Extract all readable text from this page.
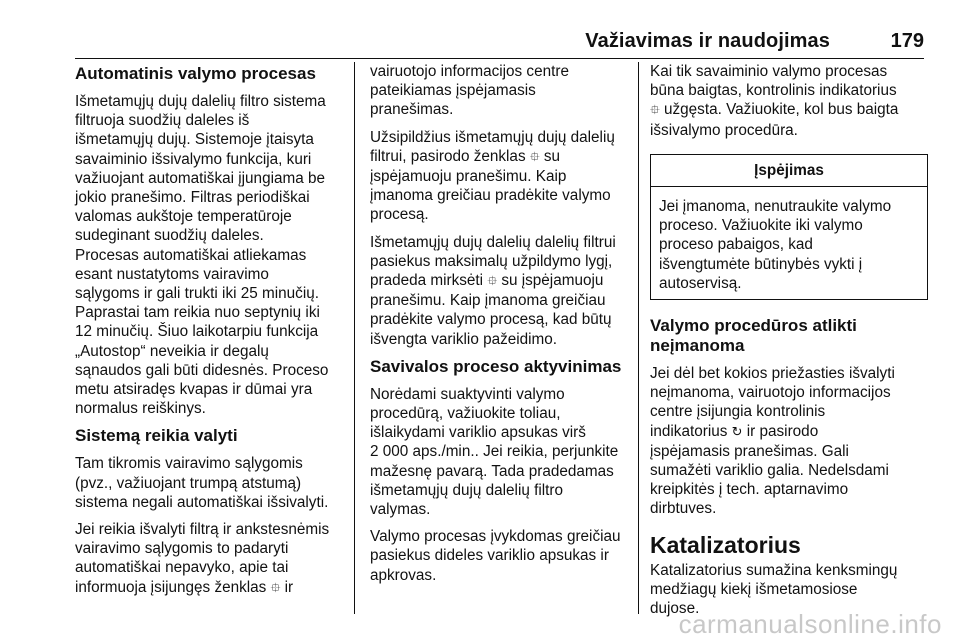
Važiavimas ir naudojimas	179
Automatinis valymo procesas

Išmetamųjų dujų dalelių filtro sistema
filtruoja suodžių daleles iš
išmetamųjų dujų. Sistemoje įtaisyta
savaiminio išsivalymo funkcija, kuri
važiuojant automatiškai įjungiama be
jokio pranešimo. Filtras periodiškai
valomas aukštoje temperatūroje
sudeginant suodžių daleles.
Procesas automatiškai atliekamas
esant nustatytoms vairavimo
sąlygoms ir gali trukti iki 25 minučių.
Paprastai tam reikia nuo septynių iki
12 minučių. Šiuo laikotarpiu funkcija
„Autostop“ neveikia ir degalų
sąnaudos gali būti didesnės. Proceso
metu atsiradęs kvapas ir dūmai yra
normalus reiškinys.

Sistemą reikia valyti

Tam tikromis vairavimo sąlygomis
(pvz., važiuojant trumpą atstumą)
sistema negali automatiškai išsivalyti.

Jei reikia išvalyti filtrą ir ankstesnėmis
vairavimo sąlygomis to padaryti
automatiškai nepavyko, apie tai
informuoja įsijungęs ženklas ⯐ ir

vairuotojo informacijos centre
pateikiamas įspėjamasis
pranešimas.

Užsipildžius išmetamųjų dujų dalelių
filtrui, pasirodo ženklas ⯐ su
įspėjamuoju pranešimu. Kaip
įmanoma greičiau pradėkite valymo
procesą.

Išmetamųjų dujų dalelių dalelių filtrui
pasiekus maksimalų užpildymo lygį,
pradeda mirksėti ⯐ su įspėjamuoju
pranešimu. Kaip įmanoma greičiau
pradėkite valymo procesą, kad būtų
išvengta variklio pažeidimo.

Savivalos proceso aktyvinimas

Norėdami suaktyvinti valymo
procedūrą, važiuokite toliau,
išlaikydami variklio apsukas virš
2 000 aps./min.. Jei reikia, perjunkite
mažesnę pavarą. Tada pradedamas
išmetamųjų dujų dalelių filtro
valymas.

Valymo procesas įvykdomas greičiau
pasiekus dideles variklio apsukas ir
apkrovas.

Kai tik savaiminio valymo procesas
būna baigtas, kontrolinis indikatorius
⯐ užgęsta. Važiuokite, kol bus baigta
išsivalymo procedūra.

Įspėjimas
Jei įmanoma, nenutraukite valymo
proceso. Važiuokite iki valymo
proceso pabaigos, kad
išvengtumėte būtinybės vykti į
autoservisą.
Valymo procedūros atlikti
neįmanoma

Jei dėl bet kokios priežasties išvalyti
neįmanoma, vairuotojo informacijos
centre įsijungia kontrolinis
indikatorius ↻ ir pasirodo
įspėjamasis pranešimas. Gali
sumažėti variklio galia. Nedelsdami
kreipkitės į tech. aptarnavimo
dirbtuves.

Katalizatorius

Katalizatorius sumažina kenksmingų
medžiagų kiekį išmetamosiose
dujose.

carmanualsonline.info
